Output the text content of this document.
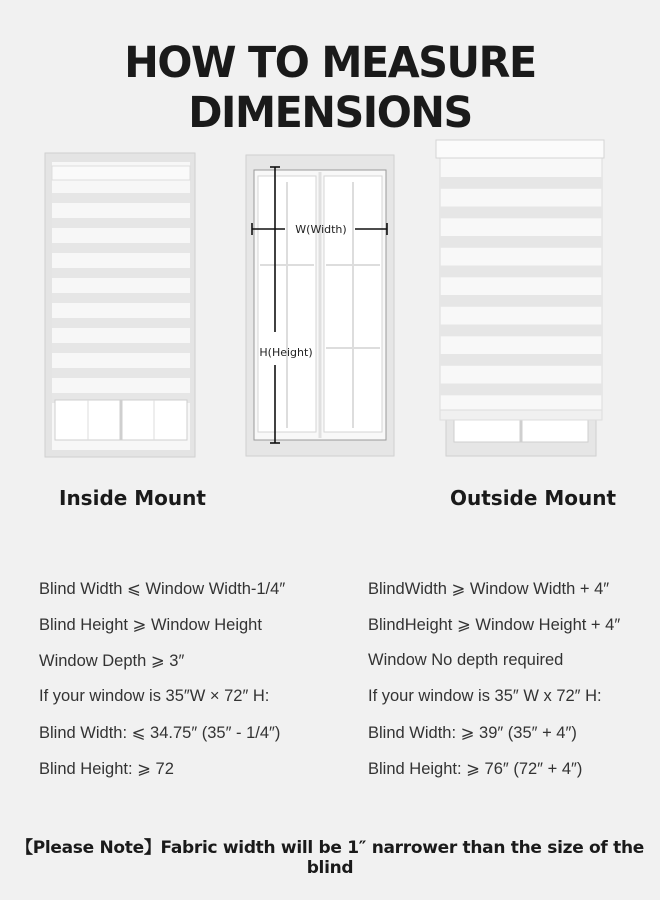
HOW TO MEASURE DIMENSIONS
W(Width)
H(Height)
Inside Mount	Outside Mount
Blind Width ⩽ Window Width-1/4″
Blind Height ⩾ Window Height
Window Depth ⩾ 3″
If your window is 35″W × 72″ H:
Blind Width: ⩽ 34.75″ (35″ - 1/4″)
Blind Height: ⩾ 72
BlindWidth ⩾ Window Width + 4″
BlindHeight ⩾ Window Height + 4″
Window No depth required
If your window is 35″ W x 72″ H:
Blind Width: ⩾ 39″ (35″ + 4″)
Blind Height: ⩾ 76″ (72″ + 4″)
【Please Note】Fabric width will be 1″ narrower than the size of the blind
